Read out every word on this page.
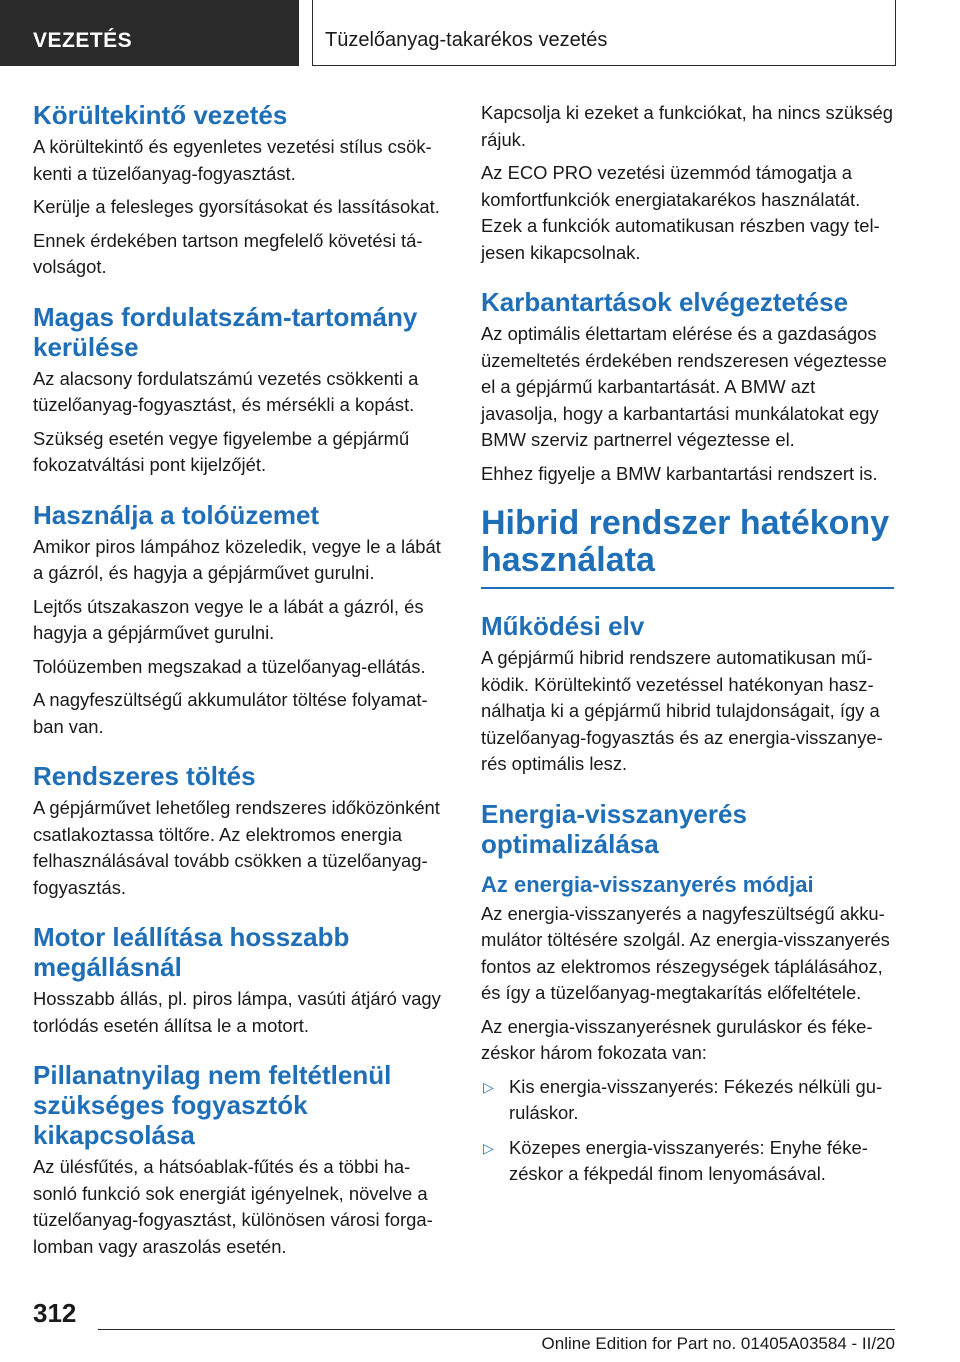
VEZETÉS	Tüzelőanyag-takarékos vezetés
Körültekintő vezetés

A körültekintő és egyenletes vezetési stílus csökkenti a tüzelőanyag-fogyasztást.

Kerülje a felesleges gyorsításokat és lassításokat.

Ennek érdekében tartson megfelelő követési távolságot.

Magas fordulatszám-tartomány kerülése

Az alacsony fordulatszámú vezetés csökkenti a tüzelőanyag-fogyasztást, és mérsékli a kopást.

Szükség esetén vegye figyelembe a gépjármű fokozatváltási pont kijelzőjét.

Használja a tolóüzemet

Amikor piros lámpához közeledik, vegye le a lábát a gázról, és hagyja a gépjárművet gurulni.

Lejtős útszakaszon vegye le a lábát a gázról, és hagyja a gépjárművet gurulni.

Tolóüzemben megszakad a tüzelőanyag-ellátás.

A nagyfeszültségű akkumulátor töltése folyamatban van.

Rendszeres töltés

A gépjárművet lehetőleg rendszeres időközönként csatlakoztassa töltőre. Az elektromos energia felhasználásával tovább csökken a tüzelőanyag-fogyasztás.

Motor leállítása hosszabb megállásnál

Hosszabb állás, pl. piros lámpa, vasúti átjáró vagy torlódás esetén állítsa le a motort.

Pillanatnyilag nem feltétlenül szükséges fogyasztók kikapcsolása

Az ülésfűtés, a hátsóablak-fűtés és a többi hasonló funkció sok energiát igényelnek, növelve a tüzelőanyag-fogyasztást, különösen városi forgalomban vagy araszolás esetén.

Kapcsolja ki ezeket a funkciókat, ha nincs szükség rájuk.

Az ECO PRO vezetési üzemmód támogatja a komfortfunkciók energiatakarékos használatát. Ezek a funkciók automatikusan részben vagy teljesen kikapcsolnak.

Karbantartások elvégeztetése

Az optimális élettartam elérése és a gazdaságos üzemeltetés érdekében rendszeresen végeztesse el a gépjármű karbantartását. A BMW azt javasolja, hogy a karbantartási munkálatokat egy BMW szerviz partnerrel végeztesse el.

Ehhez figyelje a BMW karbantartási rendszert is.

Hibrid rendszer hatékony használata
Működési elv

A gépjármű hibrid rendszere automatikusan működik. Körültekintő vezetéssel hatékonyan használhatja ki a gépjármű hibrid tulajdonságait, így a tüzelőanyag-fogyasztás és az energia-visszanyerés optimális lesz.

Energia-visszanyerés optimalizálása
Az energia-visszanyerés módjai

Az energia-visszanyerés a nagyfeszültségű akkumulátor töltésére szolgál. Az energia-visszanyerés fontos az elektromos részegységek táplálásához, és így a tüzelőanyag-megtakarítás előfeltétele.

Az energia-visszanyerésnek guruláskor és fékezéskor három fokozata van:

▷ Kis energia-visszanyerés: Fékezés nélküli guruláskor.
▷ Közepes energia-visszanyerés: Enyhe fékezéskor a fékpedál finom lenyomásával.
312
Online Edition for Part no. 01405A03584 - II/20
